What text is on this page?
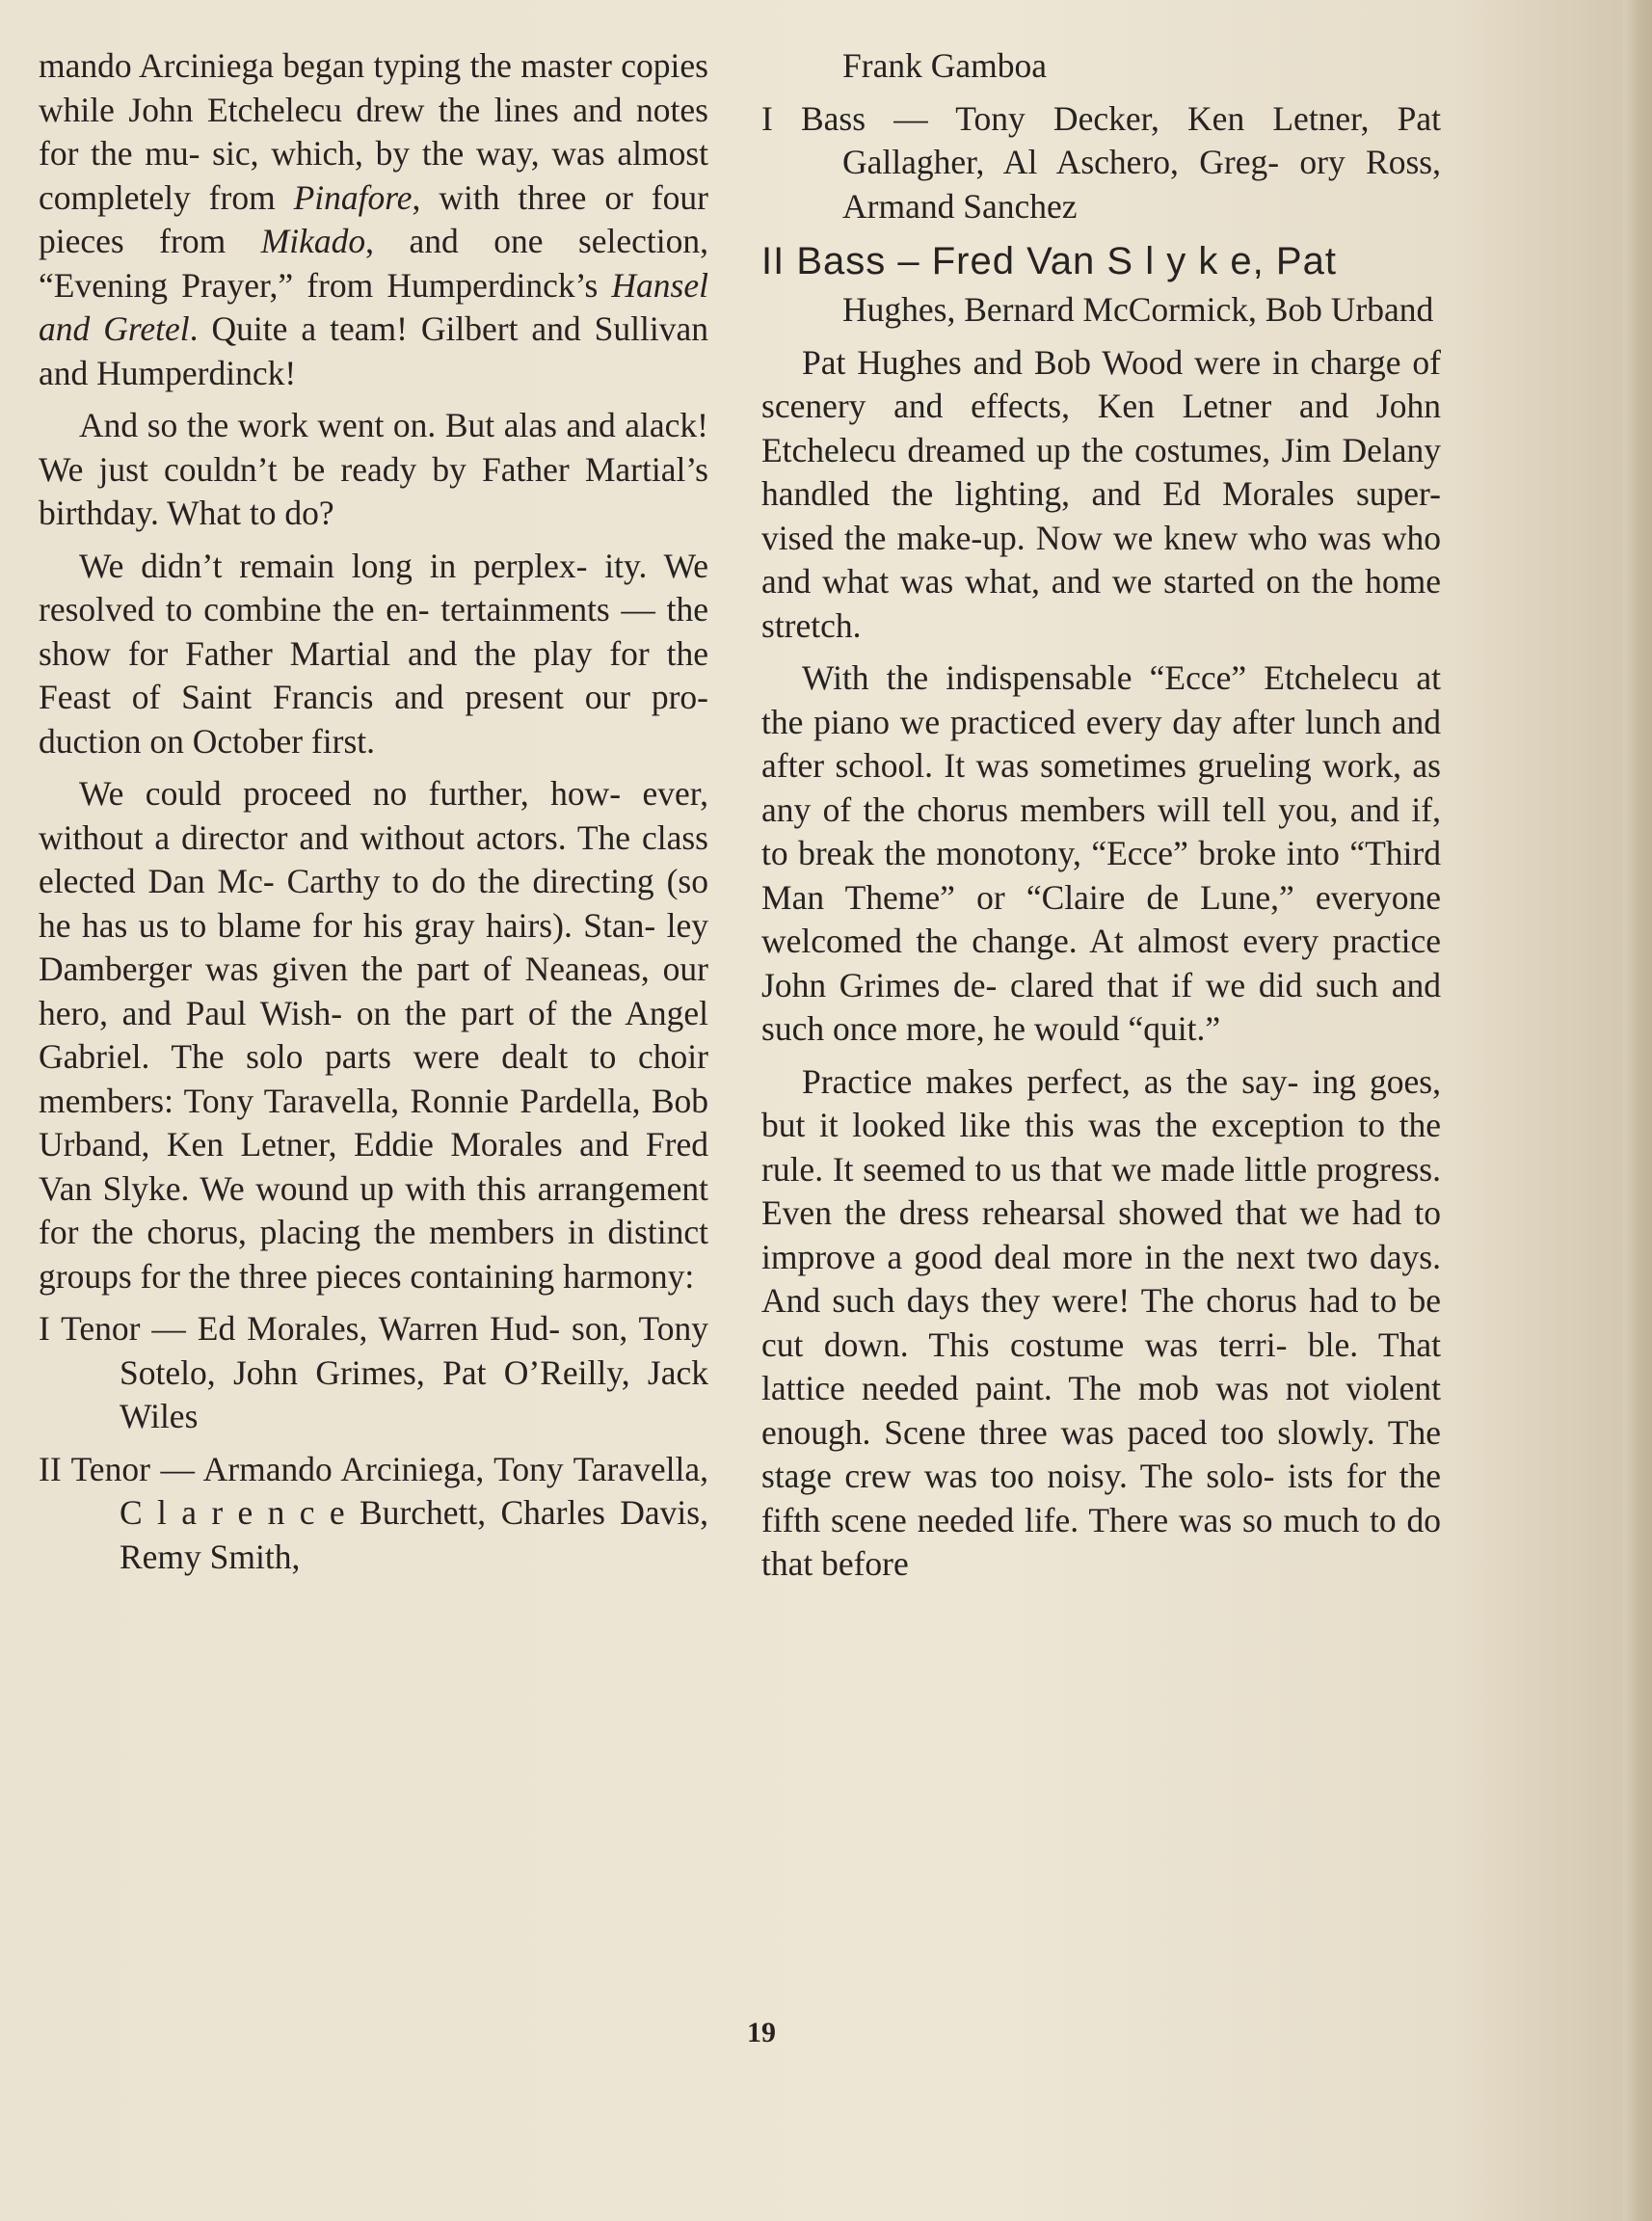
mando Arciniega began typing the master copies while John Etchelecu drew the lines and notes for the mu- sic, which, by the way, was almost completely from Pinafore, with three or four pieces from Mikado, and one selection, “Evening Prayer,” from Humperdinck’s Hansel and Gretel. Quite a team! Gilbert and Sullivan and Humperdinck!

And so the work went on. But alas and alack! We just couldn’t be ready by Father Martial’s birthday. What to do?

We didn’t remain long in perplex- ity. We resolved to combine the en- tertainments — the show for Father Martial and the play for the Feast of Saint Francis and present our pro- duction on October first.

We could proceed no further, how- ever, without a director and without actors. The class elected Dan Mc- Carthy to do the directing (so he has us to blame for his gray hairs). Stan- ley Damberger was given the part of Neaneas, our hero, and Paul Wish- on the part of the Angel Gabriel. The solo parts were dealt to choir members: Tony Taravella, Ronnie Pardella, Bob Urband, Ken Letner, Eddie Morales and Fred Van Slyke. We wound up with this arrangement for the chorus, placing the members in distinct groups for the three pieces containing harmony:

I Tenor — Ed Morales, Warren Hud- son, Tony Sotelo, John Grimes, Pat O’Reilly, Jack Wiles

II Tenor — Armando Arciniega, Tony Taravella, C l a r e n c e Burchett, Charles Davis, Remy Smith,

Frank Gamboa

I Bass — Tony Decker, Ken Letner, Pat Gallagher, Al Aschero, Greg- ory Ross, Armand Sanchez

II Bass – Fred Van S l y k e, Pat
Hughes, Bernard McCormick, Bob Urband

Pat Hughes and Bob Wood were in charge of scenery and effects, Ken Letner and John Etchelecu dreamed up the costumes, Jim Delany handled the lighting, and Ed Morales super- vised the make-up. Now we knew who was who and what was what, and we started on the home stretch.

With the indispensable “Ecce” Etchelecu at the piano we practiced every day after lunch and after school. It was sometimes grueling work, as any of the chorus members will tell you, and if, to break the monotony, “Ecce” broke into “Third Man Theme” or “Claire de Lune,” everyone welcomed the change. At almost every practice John Grimes de- clared that if we did such and such once more, he would “quit.”

Practice makes perfect, as the say- ing goes, but it looked like this was the exception to the rule. It seemed to us that we made little progress. Even the dress rehearsal showed that we had to improve a good deal more in the next two days. And such days they were! The chorus had to be cut down. This costume was terri- ble. That lattice needed paint. The mob was not violent enough. Scene three was paced too slowly. The stage crew was too noisy. The solo- ists for the fifth scene needed life. There was so much to do that before

19
